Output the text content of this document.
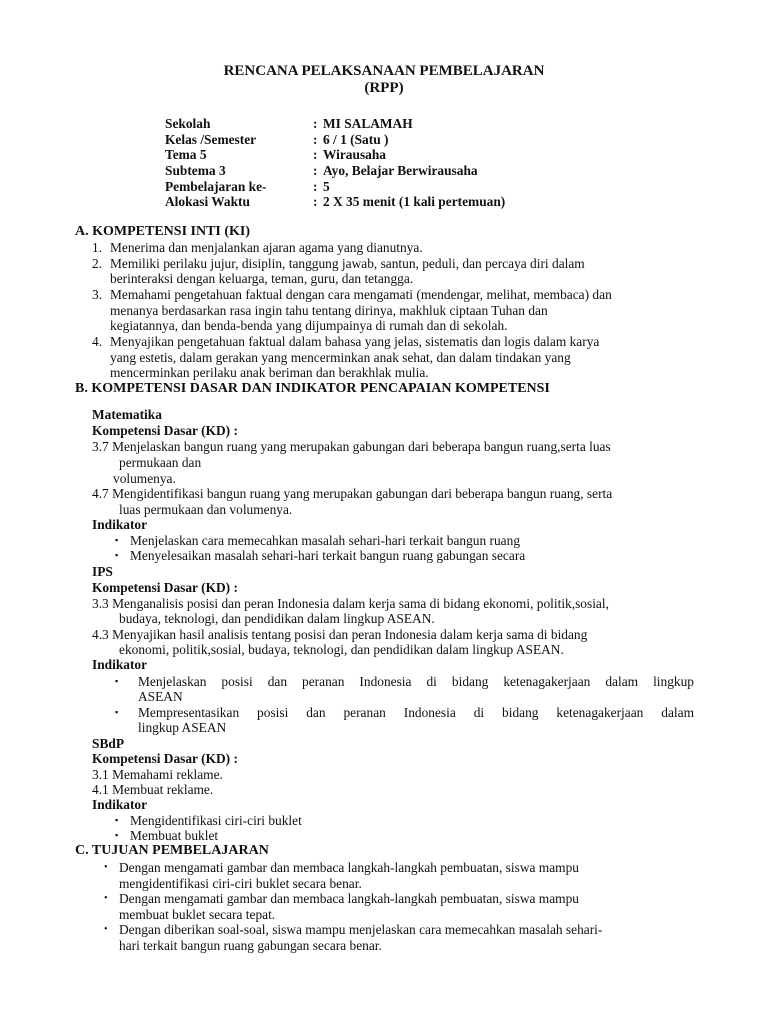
RENCANA PELAKSANAAN PEMBELAJARAN
(RPP)
Sekolah	: MI SALAMAH
Kelas /Semester	: 6 / 1 (Satu )
Tema 5	: Wirausaha
Subtema 3	: Ayo, Belajar Berwirausaha
Pembelajaran ke-	: 5
Alokasi Waktu	: 2 X 35 menit (1 kali pertemuan)
A. KOMPETENSI INTI (KI)
1. Menerima dan menjalankan ajaran agama yang dianutnya.
2. Memiliki perilaku jujur, disiplin, tanggung jawab, santun, peduli, dan percaya diri dalam
berinteraksi dengan keluarga, teman, guru, dan tetangga.
3. Memahami pengetahuan faktual dengan cara mengamati (mendengar, melihat, membaca) dan
menanya berdasarkan rasa ingin tahu tentang dirinya, makhluk ciptaan Tuhan dan
kegiatannya, dan benda-benda yang dijumpainya di rumah dan di sekolah.
4. Menyajikan pengetahuan faktual dalam bahasa yang jelas, sistematis dan logis dalam karya
yang estetis, dalam gerakan yang mencerminkan anak sehat, dan dalam tindakan yang
mencerminkan perilaku anak beriman dan berakhlak mulia.
B. KOMPETENSI DASAR DAN INDIKATOR PENCAPAIAN KOMPETENSI
Matematika
Kompetensi Dasar (KD) :
3.7 Menjelaskan bangun ruang yang merupakan gabungan dari beberapa bangun ruang,serta luas
permukaan dan
volumenya.
4.7 Mengidentifikasi bangun ruang yang merupakan gabungan dari beberapa bangun ruang, serta
luas permukaan dan volumenya.
Indikator
▪ Menjelaskan cara memecahkan masalah sehari-hari terkait bangun ruang
▪ Menyelesaikan masalah sehari-hari terkait bangun ruang gabungan secara
IPS
Kompetensi Dasar (KD) :
3.3 Menganalisis posisi dan peran Indonesia dalam kerja sama di bidang ekonomi, politik,sosial,
budaya, teknologi, dan pendidikan dalam lingkup ASEAN.
4.3 Menyajikan hasil analisis tentang posisi dan peran Indonesia dalam kerja sama di bidang
ekonomi, politik,sosial, budaya, teknologi, dan pendidikan dalam lingkup ASEAN.
Indikator
▪ Menjelaskan posisi dan peranan Indonesia di bidang ketenagakerjaan dalam lingkup
ASEAN
▪ Mempresentasikan posisi dan peranan Indonesia di bidang ketenagakerjaan dalam
lingkup ASEAN
SBdP
Kompetensi Dasar (KD) :
3.1 Memahami reklame.
4.1 Membuat reklame.
Indikator
▪ Mengidentifikasi ciri-ciri buklet
▪ Membuat buklet
C. TUJUAN PEMBELAJARAN
• Dengan mengamati gambar dan membaca langkah-langkah pembuatan, siswa mampu
mengidentifikasi ciri-ciri buklet secara benar.
• Dengan mengamati gambar dan membaca langkah-langkah pembuatan, siswa mampu
membuat buklet secara tepat.
• Dengan diberikan soal-soal, siswa mampu menjelaskan cara memecahkan masalah sehari-
hari terkait bangun ruang gabungan secara benar.
